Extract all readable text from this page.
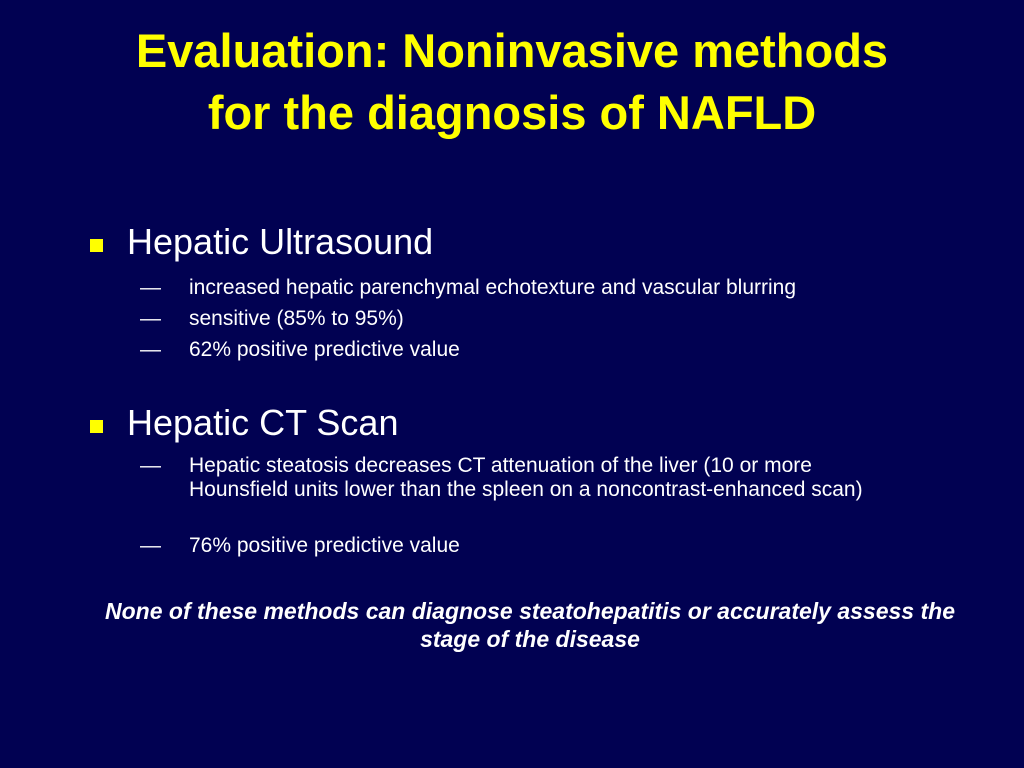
Evaluation: Noninvasive methods
for the diagnosis of NAFLD
Hepatic Ultrasound
—	increased hepatic parenchymal echotexture and vascular blurring
—	sensitive (85% to 95%)
—	62% positive predictive value
Hepatic CT Scan
—	Hepatic steatosis decreases CT attenuation of the liver (10 or more Hounsfield units lower than the spleen on a noncontrast-enhanced scan)
—	76% positive predictive value
None of these methods can diagnose steatohepatitis or accurately assess the stage of the disease
